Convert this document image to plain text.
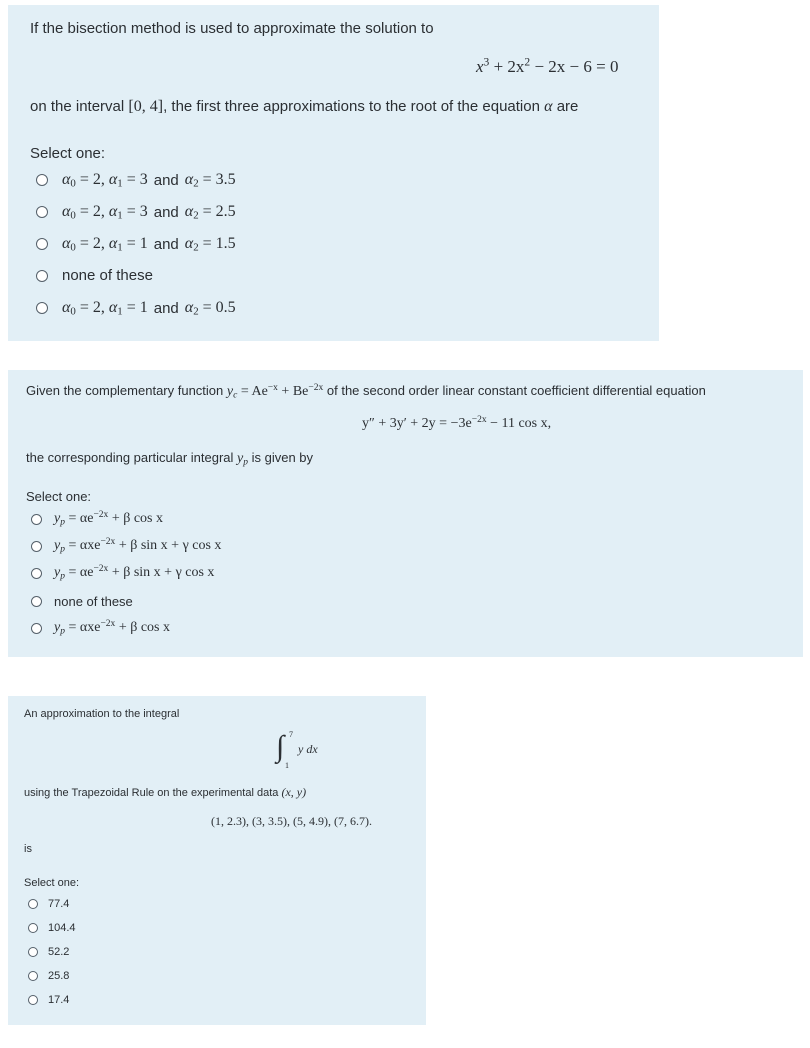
If the bisection method is used to approximate the solution to
$x^3 + 2x^2 - 2x - 6 = 0$
on the interval [0, 4], the first three approximations to the root of the equation α are
Select one:
$\alpha_0 = 2$, $\alpha_1 = 3$ and $\alpha_2 = 3.5$
$\alpha_0 = 2$, $\alpha_1 = 3$ and $\alpha_2 = 2.5$
$\alpha_0 = 2$, $\alpha_1 = 1$ and $\alpha_2 = 1.5$
none of these
$\alpha_0 = 2$, $\alpha_1 = 1$ and $\alpha_2 = 0.5$
Given the complementary function $y_c = Ae^{-x} + Be^{-2x}$ of the second order linear constant coefficient differential equation
$y'' + 3y' + 2y = -3e^{-2x} - 11$ cos x,
the corresponding particular integral $y_p$ is given by
Select one:
$y_p = \alpha e^{-2x} + \beta$ cos x
$y_p = \alpha xe^{-2x} + \beta$ sin x + γ cos x
$y_p = \alpha e^{-2x} + \beta$ sin x + γ cos x
none of these
$y_p = \alpha xe^{-2x} + \beta$ cos x
An approximation to the integral
∫ 7
1
y dx
using the Trapezoidal Rule on the experimental data (x, y)
(1, 2.3), (3, 3.5), (5, 4.9), (7, 6.7).
is
Select one:
77.4
104.4
52.2
25.8
17.4
